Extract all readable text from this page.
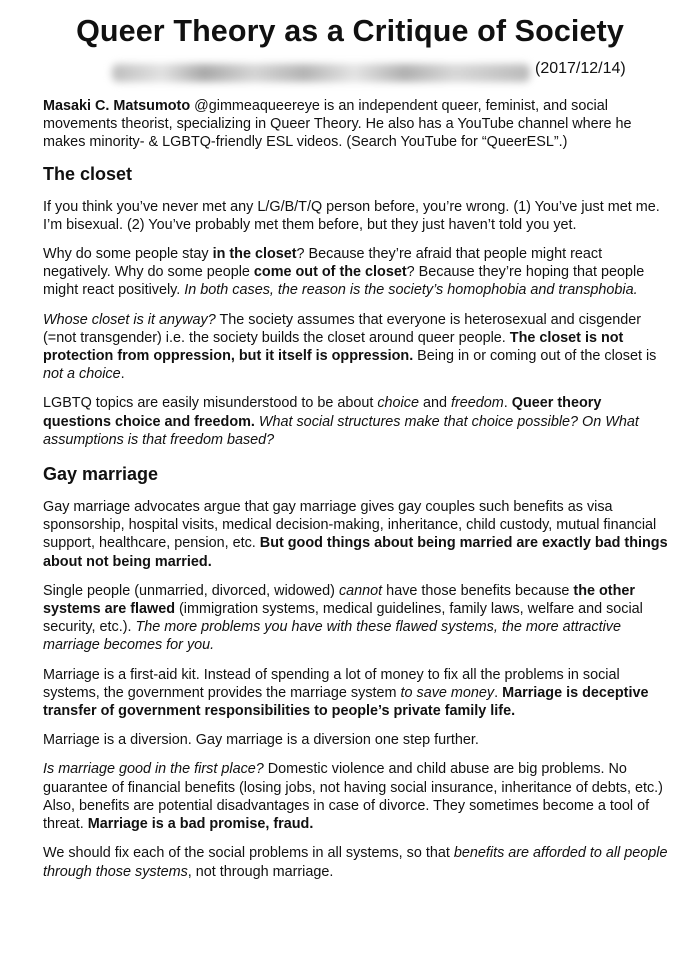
Queer Theory as a Critique of Society
(2017/12/14)

Masaki C. Matsumoto @gimmeaqueereye is an independent queer, feminist, and social movements theorist, specializing in Queer Theory. He also has a YouTube channel where he makes minority- & LGBTQ-friendly ESL videos. (Search YouTube for “QueerESL”.)

The closet

If you think you’ve never met any L/G/B/T/Q person before, you’re wrong. (1) You’ve just met me. I’m bisexual. (2) You’ve probably met them before, but they just haven’t told you yet.

Why do some people stay in the closet? Because they’re afraid that people might react negatively. Why do some people come out of the closet? Because they’re hoping that people might react positively. In both cases, the reason is the society’s homophobia and transphobia.

Whose closet is it anyway? The society assumes that everyone is heterosexual and cisgender (=not transgender) i.e. the society builds the closet around queer people. The closet is not protection from oppression, but it itself is oppression. Being in or coming out of the closet is not a choice.

LGBTQ topics are easily misunderstood to be about choice and freedom. Queer theory questions choice and freedom. What social structures make that choice possible? On What assumptions is that freedom based?

Gay marriage

Gay marriage advocates argue that gay marriage gives gay couples such benefits as visa sponsorship, hospital visits, medical decision-making, inheritance, child custody, mutual financial support, healthcare, pension, etc. But good things about being married are exactly bad things about not being married.

Single people (unmarried, divorced, widowed) cannot have those benefits because the other systems are flawed (immigration systems, medical guidelines, family laws, welfare and social security, etc.). The more problems you have with these flawed systems, the more attractive marriage becomes for you.

Marriage is a first-aid kit. Instead of spending a lot of money to fix all the problems in social systems, the government provides the marriage system to save money. Marriage is deceptive transfer of government responsibilities to people’s private family life.

Marriage is a diversion. Gay marriage is a diversion one step further.

Is marriage good in the first place? Domestic violence and child abuse are big problems. No guarantee of financial benefits (losing jobs, not having social insurance, inheritance of debts, etc.) Also, benefits are potential disadvantages in case of divorce. They sometimes become a tool of threat. Marriage is a bad promise, fraud.

We should fix each of the social problems in all systems, so that benefits are afforded to all people through those systems, not through marriage.
